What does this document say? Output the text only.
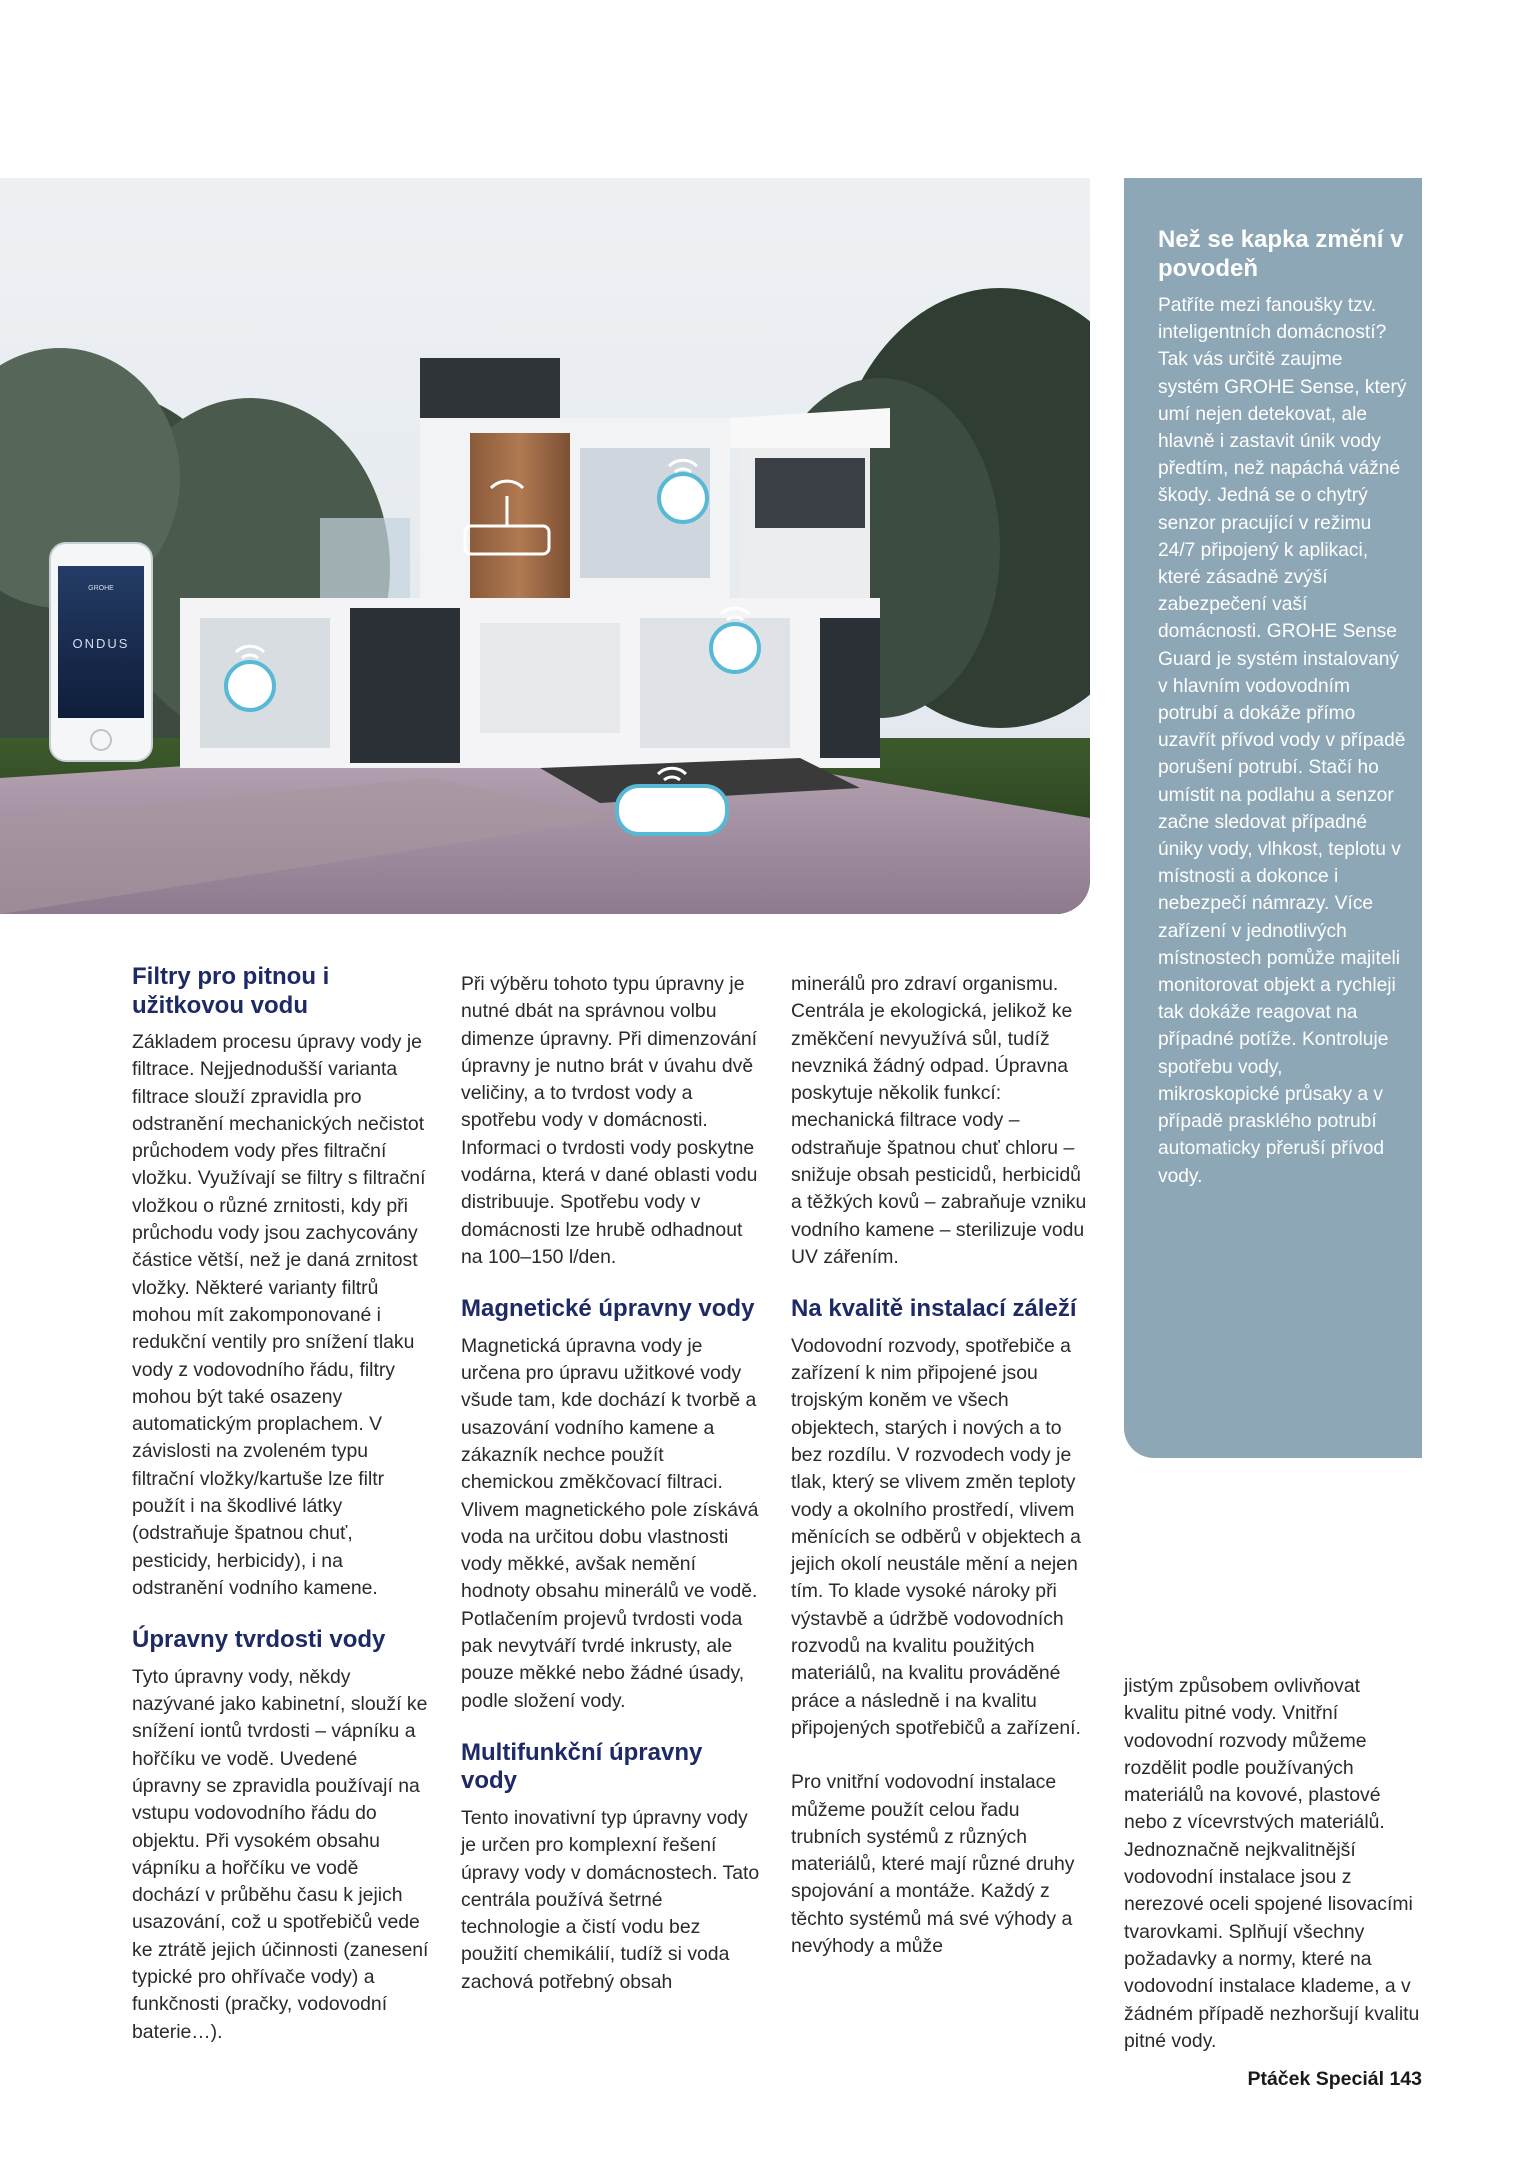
ONDUS
GROHE
Než se kapka změní v povodeň
Patříte mezi fanoušky tzv. inteligentních domácností? Tak vás určitě zaujme systém GROHE Sense, který umí nejen detekovat, ale hlavně i zastavit únik vody předtím, než napáchá vážné škody. Jedná se o chytrý senzor pracující v režimu 24/7 připojený k aplikaci, které zásadně zvýší zabezpečení vaší domácnosti. GROHE Sense Guard je systém instalovaný v hlavním vodovodním potrubí a dokáže přímo uzavřít přívod vody v případě porušení potrubí. Stačí ho umístit na podlahu a senzor začne sledovat případné úniky vody, vlhkost, teplotu v místnosti a dokonce i nebezpečí námrazy. Více zařízení v jednotlivých místnostech pomůže majiteli monitorovat objekt a rychleji tak dokáže reagovat na případné potíže. Kontroluje spotřebu vody, mikroskopické průsaky a v případě prasklého potrubí automaticky přeruší přívod vody.
Filtry pro pitnou i užitkovou vodu

Základem procesu úpravy vody je filtrace. Nejjednodušší varianta filtrace slouží zpravidla pro odstranění mechanických nečistot průchodem vody přes filtrační vložku. Využívají se filtry s filtrační vložkou o různé zrnitosti, kdy při průchodu vody jsou zachycovány částice větší, než je daná zrnitost vložky. Některé varianty filtrů mohou mít zakomponované i redukční ventily pro snížení tlaku vody z vodovodního řádu, filtry mohou být také osazeny automatickým proplachem. V závislosti na zvoleném typu filtrační vložky/kartuše lze filtr použít i na škodlivé látky (odstraňuje špatnou chuť, pesticidy, herbicidy), i na odstranění vodního kamene.

Úpravny tvrdosti vody

Tyto úpravny vody, někdy nazývané jako kabinetní, slouží ke snížení iontů tvrdosti – vápníku a hořčíku ve vodě. Uvedené úpravny se zpravidla používají na vstupu vodovodního řádu do objektu. Při vysokém obsahu vápníku a hořčíku ve vodě dochází v průběhu času k jejich usazování, což u spotřebičů vede ke ztrátě jejich účinnosti (zanesení typické pro ohřívače vody) a funkčnosti (pračky, vodovodní baterie…).

Při výběru tohoto typu úpravny je nutné dbát na správnou volbu dimenze úpravny. Při dimenzování úpravny je nutno brát v úvahu dvě veličiny, a to tvrdost vody a spotřebu vody v domácnosti. Informaci o tvrdosti vody poskytne vodárna, která v dané oblasti vodu distribuuje. Spotřebu vody v domácnosti lze hrubě odhadnout na 100–150 l/den.

Magnetické úpravny vody

Magnetická úpravna vody je určena pro úpravu užitkové vody všude tam, kde dochází k tvorbě a usazování vodního kamene a zákazník nechce použít chemickou změkčovací filtraci. Vlivem magnetického pole získává voda na určitou dobu vlastnosti vody měkké, avšak nemění hodnoty obsahu minerálů ve vodě. Potlačením projevů tvrdosti voda pak nevytváří tvrdé inkrusty, ale pouze měkké nebo žádné úsady, podle složení vody.

Multifunkční úpravny vody

Tento inovativní typ úpravny vody je určen pro komplexní řešení úpravy vody v domácnostech. Tato centrála používá šetrné technologie a čistí vodu bez použití chemikálií, tudíž si voda zachová potřebný obsah

minerálů pro zdraví organismu. Centrála je ekologická, jelikož ke změkčení nevyužívá sůl, tudíž nevzniká žádný odpad. Úpravna poskytuje několik funkcí: mechanická filtrace vody – odstraňuje špatnou chuť chloru – snižuje obsah pesticidů, herbicidů a těžkých kovů – zabraňuje vzniku vodního kamene – sterilizuje vodu UV zářením.

Na kvalitě instalací záleží

Vodovodní rozvody, spotřebiče a zařízení k nim připojené jsou trojským koněm ve všech objektech, starých i nových a to bez rozdílu. V rozvodech vody je tlak, který se vlivem změn teploty vody a okolního prostředí, vlivem měnících se odběrů v objektech a jejich okolí neustále mění a nejen tím. To klade vysoké nároky při výstavbě a údržbě vodovodních rozvodů na kvalitu použitých materiálů, na kvalitu prováděné práce a následně i na kvalitu připojených spotřebičů a zařízení.

Pro vnitřní vodovodní instalace můžeme použít celou řadu trubních systémů z různých materiálů, které mají různé druhy spojování a montáže. Každý z těchto systémů má své výhody a nevýhody a může

jistým způsobem ovlivňovat kvalitu pitné vody. Vnitřní vodovodní rozvody můžeme rozdělit podle používaných materiálů na kovové, plastové nebo z vícevrstvých materiálů. Jednoznačně nejkvalitnější vodovodní instalace jsou z nerezové oceli spojené lisovacími tvarovkami. Splňují všechny požadavky a normy, které na vodovodní instalace klademe, a v žádném případě nezhoršují kvalitu pitné vody.

Ptáček Speciál 143
